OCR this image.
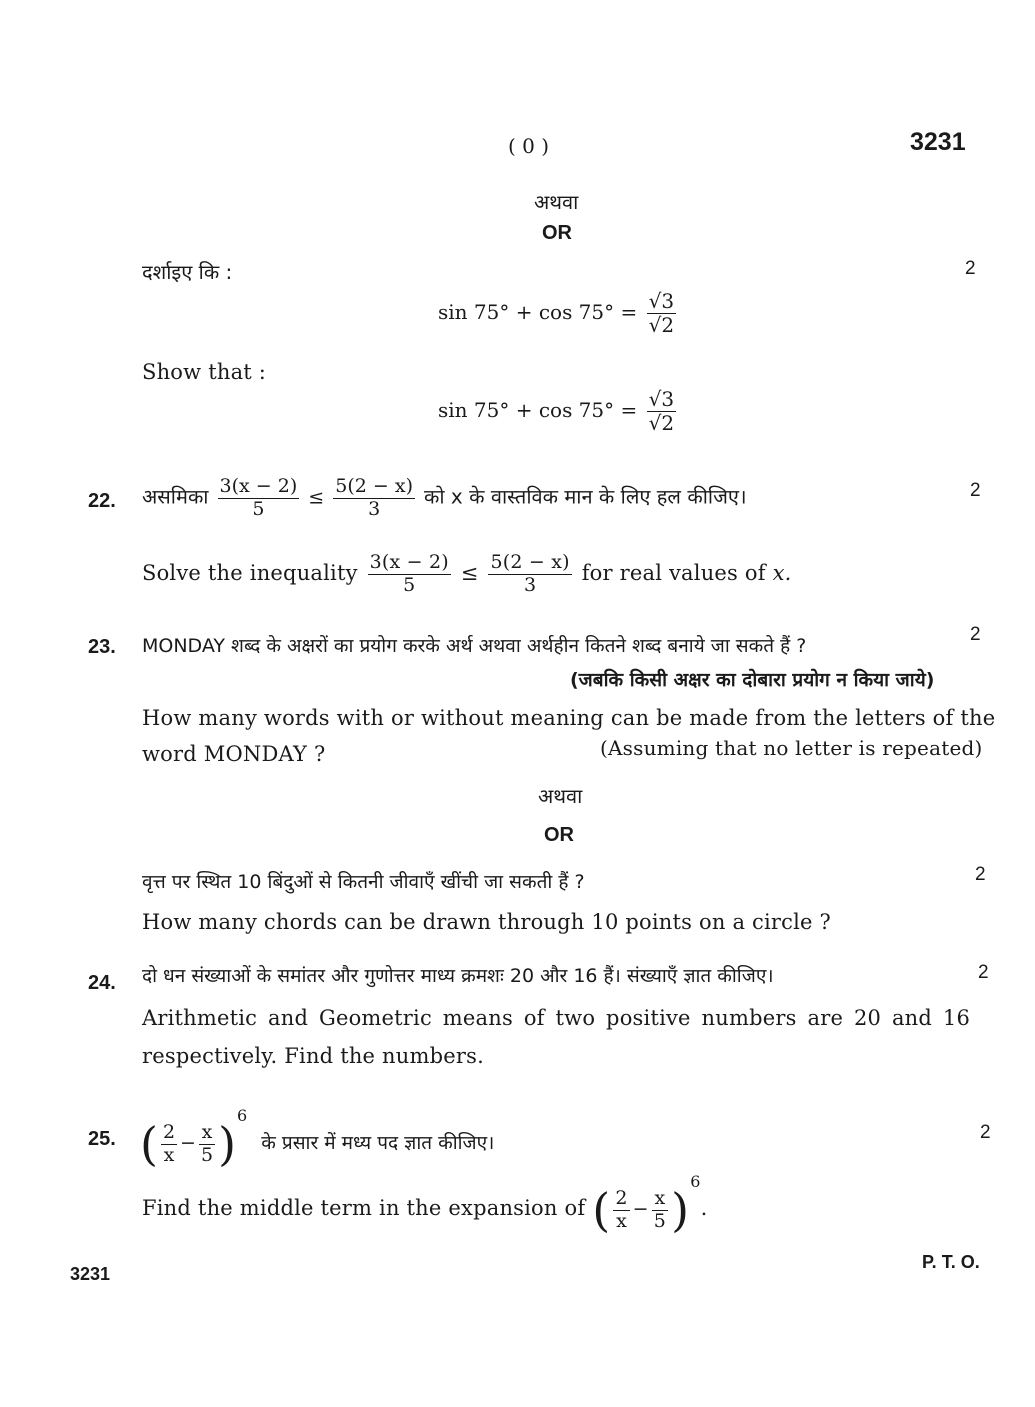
( 0 )	3231
अथवा
OR
दर्शाइए कि :	2
$\sin 75^\circ + \cos 75^\circ = \frac{√3}{√2}$
Show that :
$\sin 75^\circ + \cos 75^\circ = \frac{√3}{√2}$
22. असमिका $\frac{3(x - 2)}{5} \le \frac{5(2 - x)}{3}$ को x के वास्तविक मान के लिए हल कीजिए।	2
Solve the inequality $\frac{3(x - 2)}{5} \le \frac{5(2 - x)}{3}$ for real values of x.
23. MONDAY शब्द के अक्षरों का प्रयोग करके अर्थ अथवा अर्थहीन कितने शब्द बनाये जा सकते हैं ?
2
(जबकि किसी अक्षर का दोबारा प्रयोग न किया जाये)
How many words with or without meaning can be made from the letters of the
word MONDAY ?	(Assuming that no letter is repeated)
अथवा
OR
वृत्त पर स्थित 10 बिंदुओं से कितनी जीवाएँ खींची जा सकती हैं ?	2
How many chords can be drawn through 10 points on a circle ?
24. दो धन संख्याओं के समांतर और गुणोत्तर माध्य क्रमशः 20 और 16 हैं। संख्याएँ ज्ञात कीजिए।	2
Arithmetic and Geometric means of two positive numbers are 20 and 16
respectively. Find the numbers.
25. ( $\frac{2}{x} - \frac{x}{5} )^6$ के प्रसार में मध्य पद ज्ञात कीजिए।	2
Find the middle term in the expansion of ( $\frac{2}{x} - \frac{x}{5} )^6$.
3231
P. T. O.
